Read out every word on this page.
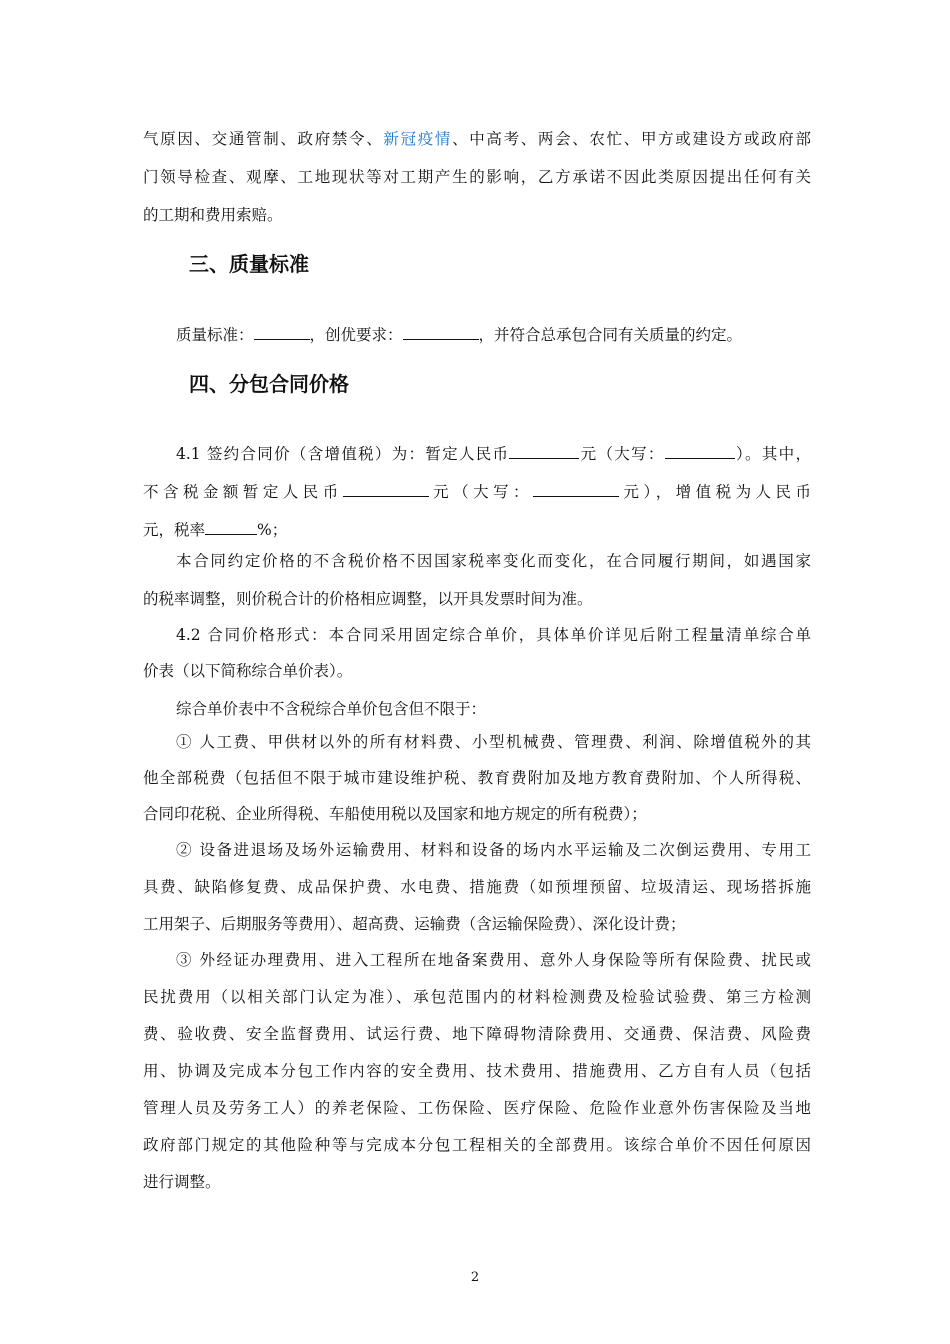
气原因、交通管制、政府禁令、新冠疫情、中高考、两会、农忙、甲方或建设方或政府部
门领导检查、观摩、工地现状等对工期产生的影响，乙方承诺不因此类原因提出任何有关
的工期和费用索赔。
三、质量标准
质量标准：	，创优要求：	，并符合总承包合同有关质量的约定。
四、分包合同价格
4.1 签约合同价（含增值税）为：暂定人民币	元（大写：	）。其中，
不含税金额暂定人民币	元（大写：	元），增值税为人民币
元，税率	%；
本合同约定价格的不含税价格不因国家税率变化而变化，在合同履行期间，如遇国家
的税率调整，则价税合计的价格相应调整，以开具发票时间为准。
4.2 合同价格形式：本合同采用固定综合单价，具体单价详见后附工程量清单综合单
价表（以下简称综合单价表）。
综合单价表中不含税综合单价包含但不限于：
① 人工费、甲供材以外的所有材料费、小型机械费、管理费、利润、除增值税外的其
他全部税费（包括但不限于城市建设维护税、教育费附加及地方教育费附加、个人所得税、
合同印花税、企业所得税、车船使用税以及国家和地方规定的所有税费）；
② 设备进退场及场外运输费用、材料和设备的场内水平运输及二次倒运费用、专用工
具费、缺陷修复费、成品保护费、水电费、措施费（如预埋预留、垃圾清运、现场搭拆施
工用架子、后期服务等费用）、超高费、运输费（含运输保险费）、深化设计费；
③ 外经证办理费用、进入工程所在地备案费用、意外人身保险等所有保险费、扰民或
民扰费用（以相关部门认定为准）、承包范围内的材料检测费及检验试验费、第三方检测
费、验收费、安全监督费用、试运行费、地下障碍物清除费用、交通费、保洁费、风险费
用、协调及完成本分包工作内容的安全费用、技术费用、措施费用、乙方自有人员（包括
管理人员及劳务工人）的养老保险、工伤保险、医疗保险、危险作业意外伤害保险及当地
政府部门规定的其他险种等与完成本分包工程相关的全部费用。该综合单价不因任何原因
进行调整。
2
